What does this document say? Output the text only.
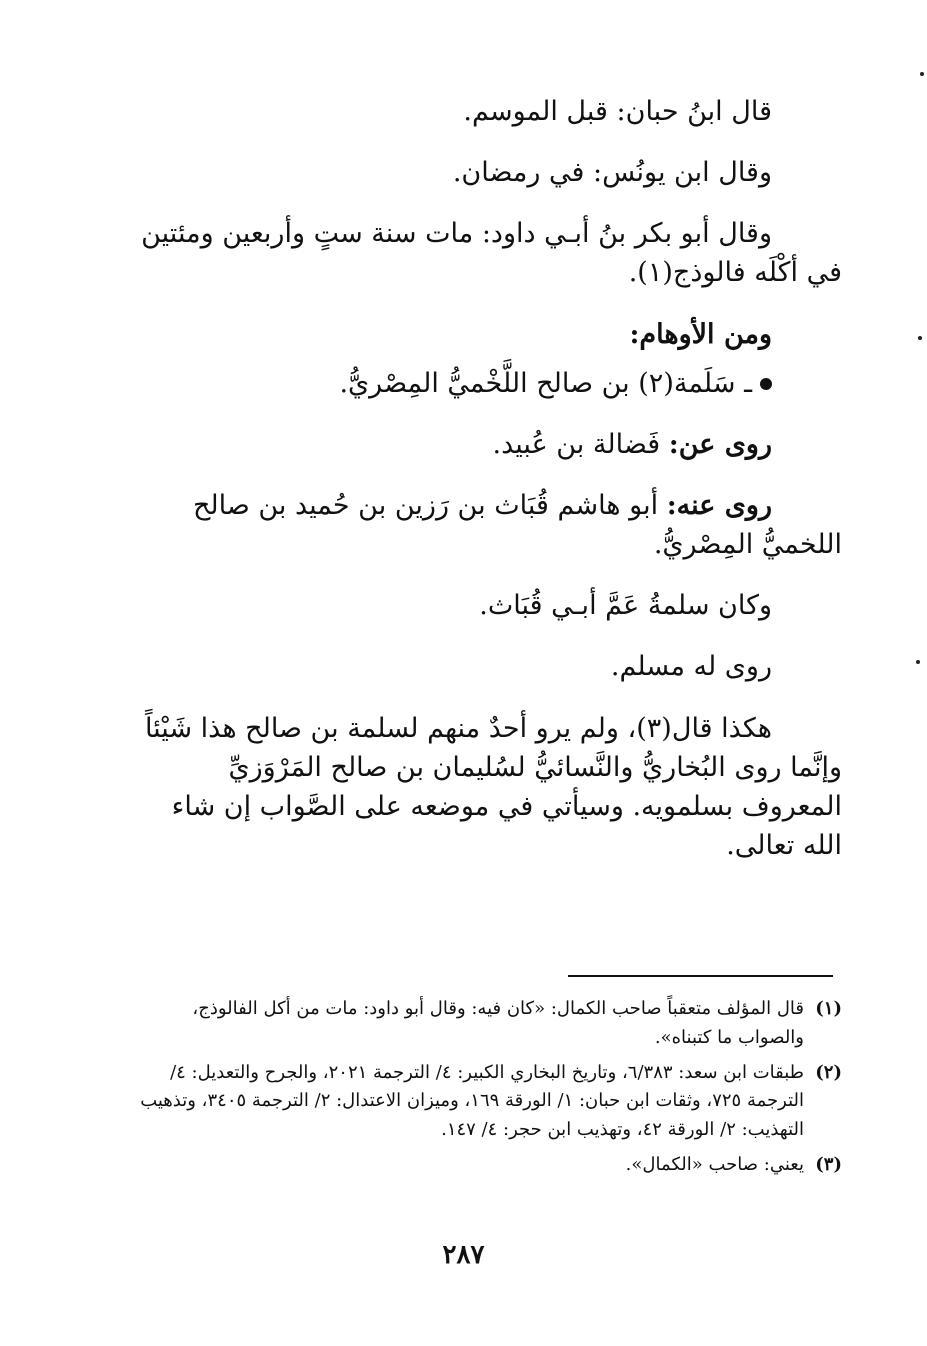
قال ابنُ حبان: قبل الموسم.

وقال ابن يونُس: في رمضان.

وقال أبو بكر بنُ أبـي داود: مات سنة ستٍ وأربعين ومئتين في أكْلَه فالوذج(١).

ومن الأوهام:

ـ سَلَمة(٢) بن صالح اللَّخْميُّ المِصْريُّ.

روى عن: فَضالة بن عُبيد.

روى عنه: أبو هاشم قُبَاث بن رَزين بن حُميد بن صالح اللخميُّ المِصْريُّ.

وكان سلمةُ عَمَّ أبـي قُبَاث.

روى له مسلم.

هكذا قال(٣)، ولم يرو أحدٌ منهم لسلمة بن صالح هذا شَيْئاً وإنَّما روى البُخاريُّ والنَّسائيُّ لسُليمان بن صالح المَرْوَزيِّ المعروف بسلمويه. وسيأتي في موضعه على الصَّواب إن شاء الله تعالى.

(١)قال المؤلف متعقباً صاحب الكمال: «كان فيه: وقال أبو داود: مات من أكل الفالوذج، والصواب ما كتبناه».

(٢)طبقات ابن سعد: ٦/٣٨٣، وتاريخ البخاري الكبير: ٤/ الترجمة ٢٠٢١، والجرح والتعديل: ٤/ الترجمة ٧٢٥، وثقات ابن حبان: ١/ الورقة ١٦٩، وميزان الاعتدال: ٢/ الترجمة ٣٤٠٥، وتذهيب التهذيب: ٢/ الورقة ٤٢، وتهذيب ابن حجر: ٤/ ١٤٧.

(٣)يعني: صاحب «الكمال».

٢٨٧
